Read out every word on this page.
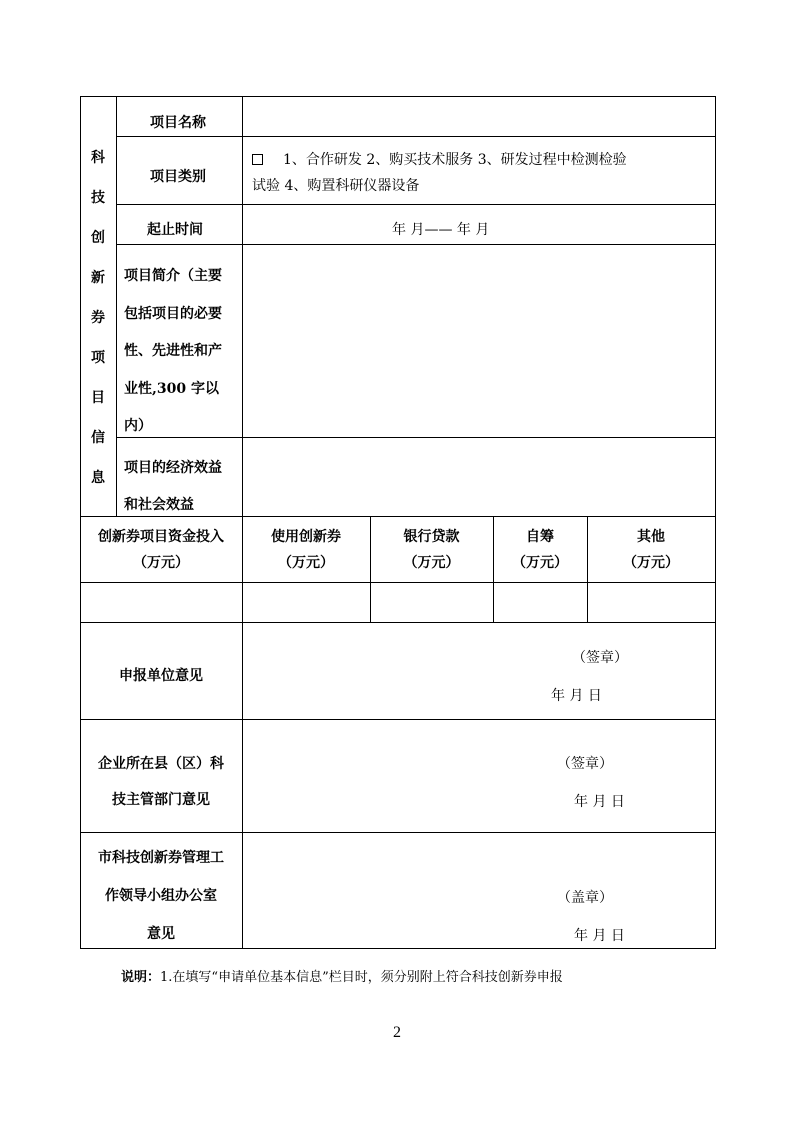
科
技
创
新
券
项
目
信
息
项目名称
项目类别
1、合作研发 2、购买技术服务 3、研发过程中检测检验
试验 4、购置科研仪器设备
起止时间	年 月—— 年 月
项目简介（主要
包括项目的必要
性、先进性和产
业性,300 字以
内）
项目的经济效益
和社会效益
创新券项目资金投入
（万元）
使用创新券
（万元）
银行贷款
（万元）
自筹
（万元）
其他
（万元）
申报单位意见
（签章）
年 月 日
企业所在县（区）科
技主管部门意见
（签章）
年 月 日
市科技创新券管理工
作领导小组办公室
意见
（盖章）
年 月 日
说明：1.在填写“申请单位基本信息”栏目时，须分别附上符合科技创新券申报
2
